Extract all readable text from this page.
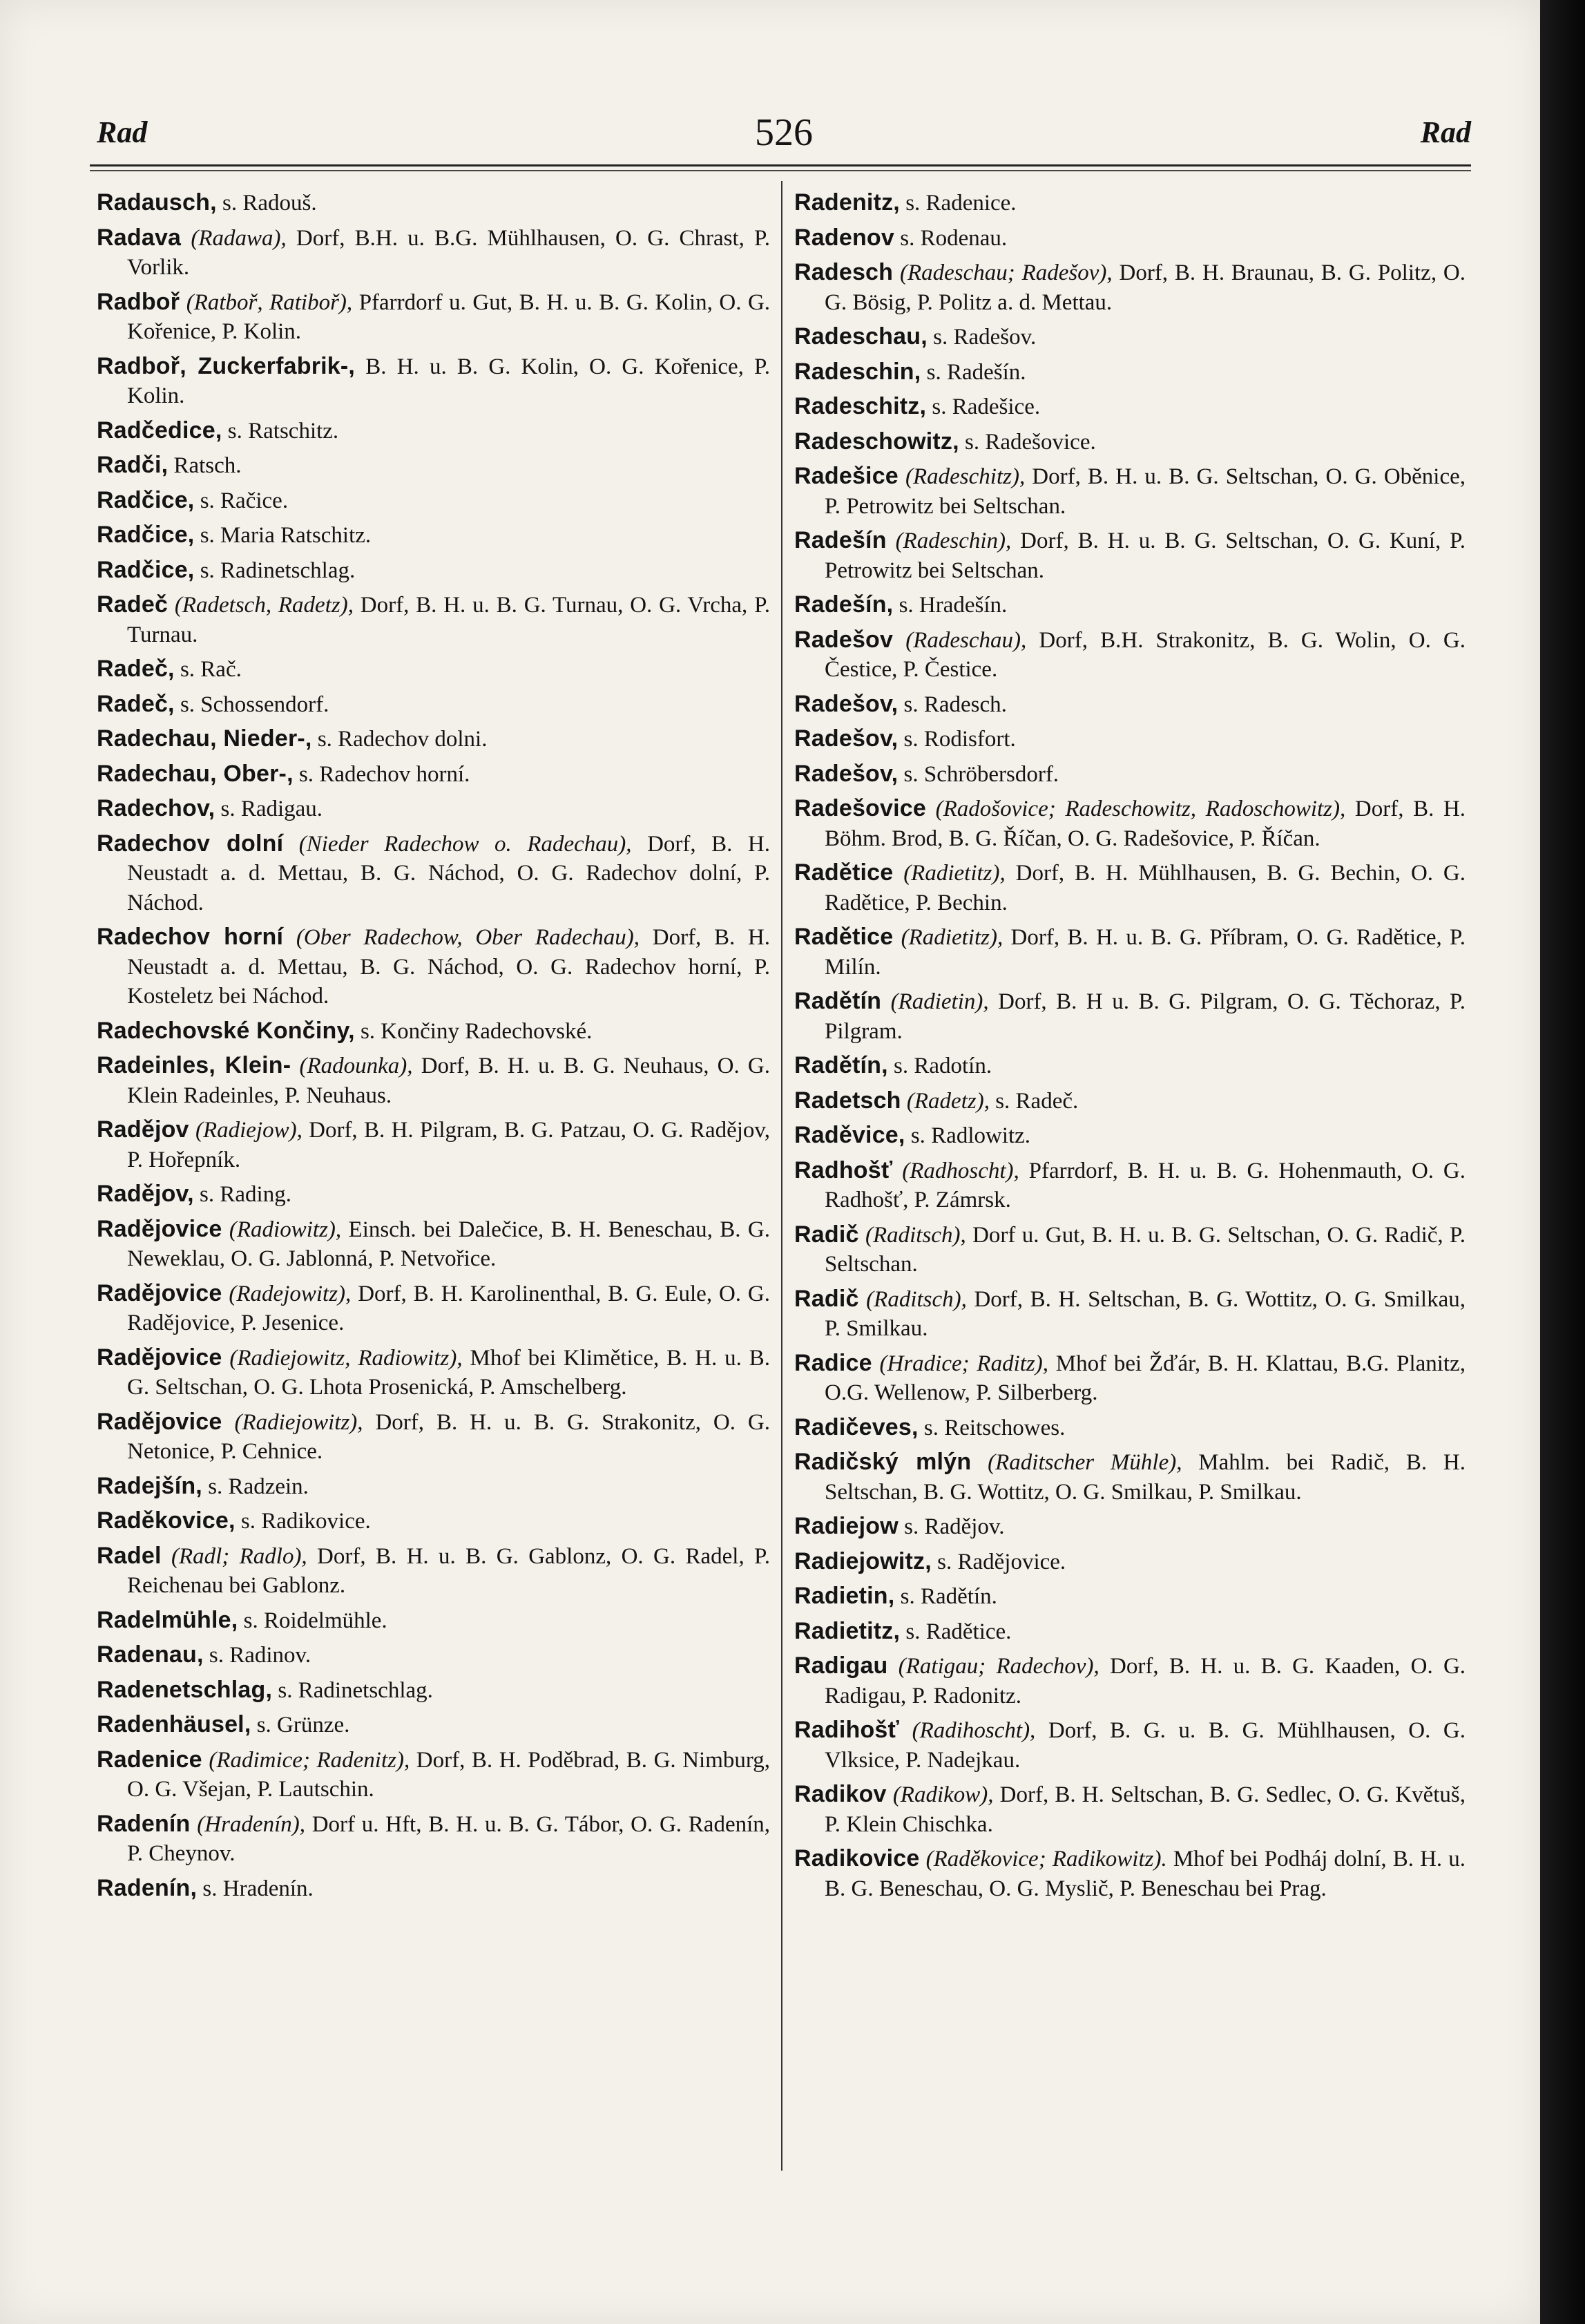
Rad	526	Rad

Radausch, s. Radouš.

Radava (Radawa), Dorf, B.H. u. B.G. Mühlhausen, O. G. Chrast, P. Vorlik.

Radboř (Ratboř, Ratiboř), Pfarrdorf u. Gut, B. H. u. B. G. Kolin, O. G. Kořenice, P. Kolin.

Radboř, Zuckerfabrik-, B. H. u. B. G. Kolin, O. G. Kořenice, P. Kolin.

Radčedice, s. Ratschitz.

Radči, Ratsch.

Radčice, s. Račice.

Radčice, s. Maria Ratschitz.

Radčice, s. Radinetschlag.

Radeč (Radetsch, Radetz), Dorf, B. H. u. B. G. Turnau, O. G. Vrcha, P. Turnau.

Radeč, s. Rač.

Radeč, s. Schossendorf.

Radechau, Nieder-, s. Radechov dolni.

Radechau, Ober-, s. Radechov horní.

Radechov, s. Radigau.

Radechov dolní (Nieder Radechow o. Radechau), Dorf, B. H. Neustadt a. d. Mettau, B. G. Náchod, O. G. Radechov dolní, P. Náchod.

Radechov horní (Ober Radechow, Ober Radechau), Dorf, B. H. Neustadt a. d. Mettau, B. G. Náchod, O. G. Radechov horní, P. Kosteletz bei Náchod.

Radechovské Končiny, s. Končiny Radechovské.

Radeinles, Klein- (Radounka), Dorf, B. H. u. B. G. Neuhaus, O. G. Klein Radeinles, P. Neuhaus.

Radějov (Radiejow), Dorf, B. H. Pilgram, B. G. Patzau, O. G. Radějov, P. Hořepník.

Radějov, s. Rading.

Radějovice (Radiowitz), Einsch. bei Dalečice, B. H. Beneschau, B. G. Neweklau, O. G. Jablonná, P. Netvořice.

Radějovice (Radejowitz), Dorf, B. H. Karolinenthal, B. G. Eule, O. G. Radějovice, P. Jesenice.

Radějovice (Radiejowitz, Radiowitz), Mhof bei Klimětice, B. H. u. B. G. Seltschan, O. G. Lhota Prosenická, P. Amschelberg.

Radějovice (Radiejowitz), Dorf, B. H. u. B. G. Strakonitz, O. G. Netonice, P. Cehnice.

Radejšín, s. Radzein.

Raděkovice, s. Radikovice.

Radel (Radl; Radlo), Dorf, B. H. u. B. G. Gablonz, O. G. Radel, P. Reichenau bei Gablonz.

Radelmühle, s. Roidelmühle.

Radenau, s. Radinov.

Radenetschlag, s. Radinetschlag.

Radenhäusel, s. Grünze.

Radenice (Radimice; Radenitz), Dorf, B. H. Poděbrad, B. G. Nimburg, O. G. Všejan, P. Lautschin.

Radenín (Hradenín), Dorf u. Hft, B. H. u. B. G. Tábor, O. G. Radenín, P. Cheynov.

Radenín, s. Hradenín.

Radenitz, s. Radenice.

Radenov s. Rodenau.

Radesch (Radeschau; Radešov), Dorf, B. H. Braunau, B. G. Politz, O. G. Bösig, P. Politz a. d. Mettau.

Radeschau, s. Radešov.

Radeschin, s. Radešín.

Radeschitz, s. Radešice.

Radeschowitz, s. Radešovice.

Radešice (Radeschitz), Dorf, B. H. u. B. G. Seltschan, O. G. Oběnice, P. Petrowitz bei Seltschan.

Radešín (Radeschin), Dorf, B. H. u. B. G. Seltschan, O. G. Kuní, P. Petrowitz bei Seltschan.

Radešín, s. Hradešín.

Radešov (Radeschau), Dorf, B.H. Strakonitz, B. G. Wolin, O. G. Čestice, P. Čestice.

Radešov, s. Radesch.

Radešov, s. Rodisfort.

Radešov, s. Schröbersdorf.

Radešovice (Radošovice; Radeschowitz, Radoschowitz), Dorf, B. H. Böhm. Brod, B. G. Říčan, O. G. Radešovice, P. Říčan.

Radětice (Radietitz), Dorf, B. H. Mühlhausen, B. G. Bechin, O. G. Radětice, P. Bechin.

Radětice (Radietitz), Dorf, B. H. u. B. G. Příbram, O. G. Radětice, P. Milín.

Radětín (Radietin), Dorf, B. H u. B. G. Pilgram, O. G. Těchoraz, P. Pilgram.

Radětín, s. Radotín.

Radetsch (Radetz), s. Radeč.

Raděvice, s. Radlowitz.

Radhošť (Radhoscht), Pfarrdorf, B. H. u. B. G. Hohenmauth, O. G. Radhošť, P. Zámrsk.

Radič (Raditsch), Dorf u. Gut, B. H. u. B. G. Seltschan, O. G. Radič, P. Seltschan.

Radič (Raditsch), Dorf, B. H. Seltschan, B. G. Wottitz, O. G. Smilkau, P. Smilkau.

Radice (Hradice; Raditz), Mhof bei Žďár, B. H. Klattau, B.G. Planitz, O.G. Wellenow, P. Silberberg.

Radičeves, s. Reitschowes.

Radičský mlýn (Raditscher Mühle), Mahlm. bei Radič, B. H. Seltschan, B. G. Wottitz, O. G. Smilkau, P. Smilkau.

Radiejow s. Radějov.

Radiejowitz, s. Radějovice.

Radietin, s. Radětín.

Radietitz, s. Radětice.

Radigau (Ratigau; Radechov), Dorf, B. H. u. B. G. Kaaden, O. G. Radigau, P. Radonitz.

Radihošť (Radihoscht), Dorf, B. G. u. B. G. Mühlhausen, O. G. Vlksice, P. Nadejkau.

Radikov (Radikow), Dorf, B. H. Seltschan, B. G. Sedlec, O. G. Květuš, P. Klein Chischka.

Radikovice (Raděkovice; Radikowitz). Mhof bei Podháj dolní, B. H. u. B. G. Beneschau, O. G. Myslič, P. Beneschau bei Prag.
